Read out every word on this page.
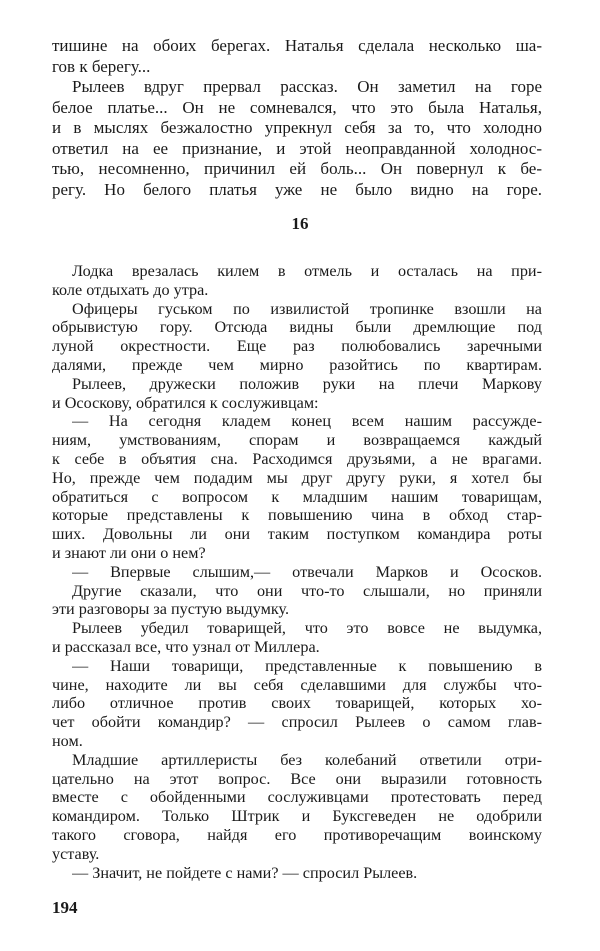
тишине на обоих берегах. Наталья сделала несколько ша-
гов к берегу...
Рылеев вдруг прервал рассказ. Он заметил на горе
белое платье... Он не сомневался, что это была Наталья,
и в мыслях безжалостно упрекнул себя за то, что холодно
ответил на ее признание, и этой неоправданной холоднос-
тью, несомненно, причинил ей боль... Он повернул к бе-
регу. Но белого платья уже не было видно на горе.
16
Лодка врезалась килем в отмель и осталась на при-
коле отдыхать до утра.
Офицеры гуськом по извилистой тропинке взошли на
обрывистую гору. Отсюда видны были дремлющие под
луной окрестности. Еще раз полюбовались заречными
далями, прежде чем мирно разойтись по квартирам.
Рылеев, дружески положив руки на плечи Маркову
и Ососкову, обратился к сослуживцам:
— На сегодня кладем конец всем нашим рассужде-
ниям, умствованиям, спорам и возвращаемся каждый
к себе в объятия сна. Расходимся друзьями, а не врагами.
Но, прежде чем подадим мы друг другу руки, я хотел бы
обратиться с вопросом к младшим нашим товарищам,
которые представлены к повышению чина в обход стар-
ших. Довольны ли они таким поступком командира роты
и знают ли они о нем?
— Впервые слышим,— отвечали Марков и Ососков.
Другие сказали, что они что-то слышали, но приняли
эти разговоры за пустую выдумку.
Рылеев убедил товарищей, что это вовсе не выдумка,
и рассказал все, что узнал от Миллера.
— Наши товарищи, представленные к повышению в
чине, находите ли вы себя сделавшими для службы что-
либо отличное против своих товарищей, которых хо-
чет обойти командир? — спросил Рылеев о самом глав-
ном.
Младшие артиллеристы без колебаний ответили отри-
цательно на этот вопрос. Все они выразили готовность
вместе с обойденными сослуживцами протестовать перед
командиром. Только Штрик и Буксгеведен не одобрили
такого сговора, найдя его противоречащим воинскому
уставу.
— Значит, не пойдете с нами? — спросил Рылеев.
194
